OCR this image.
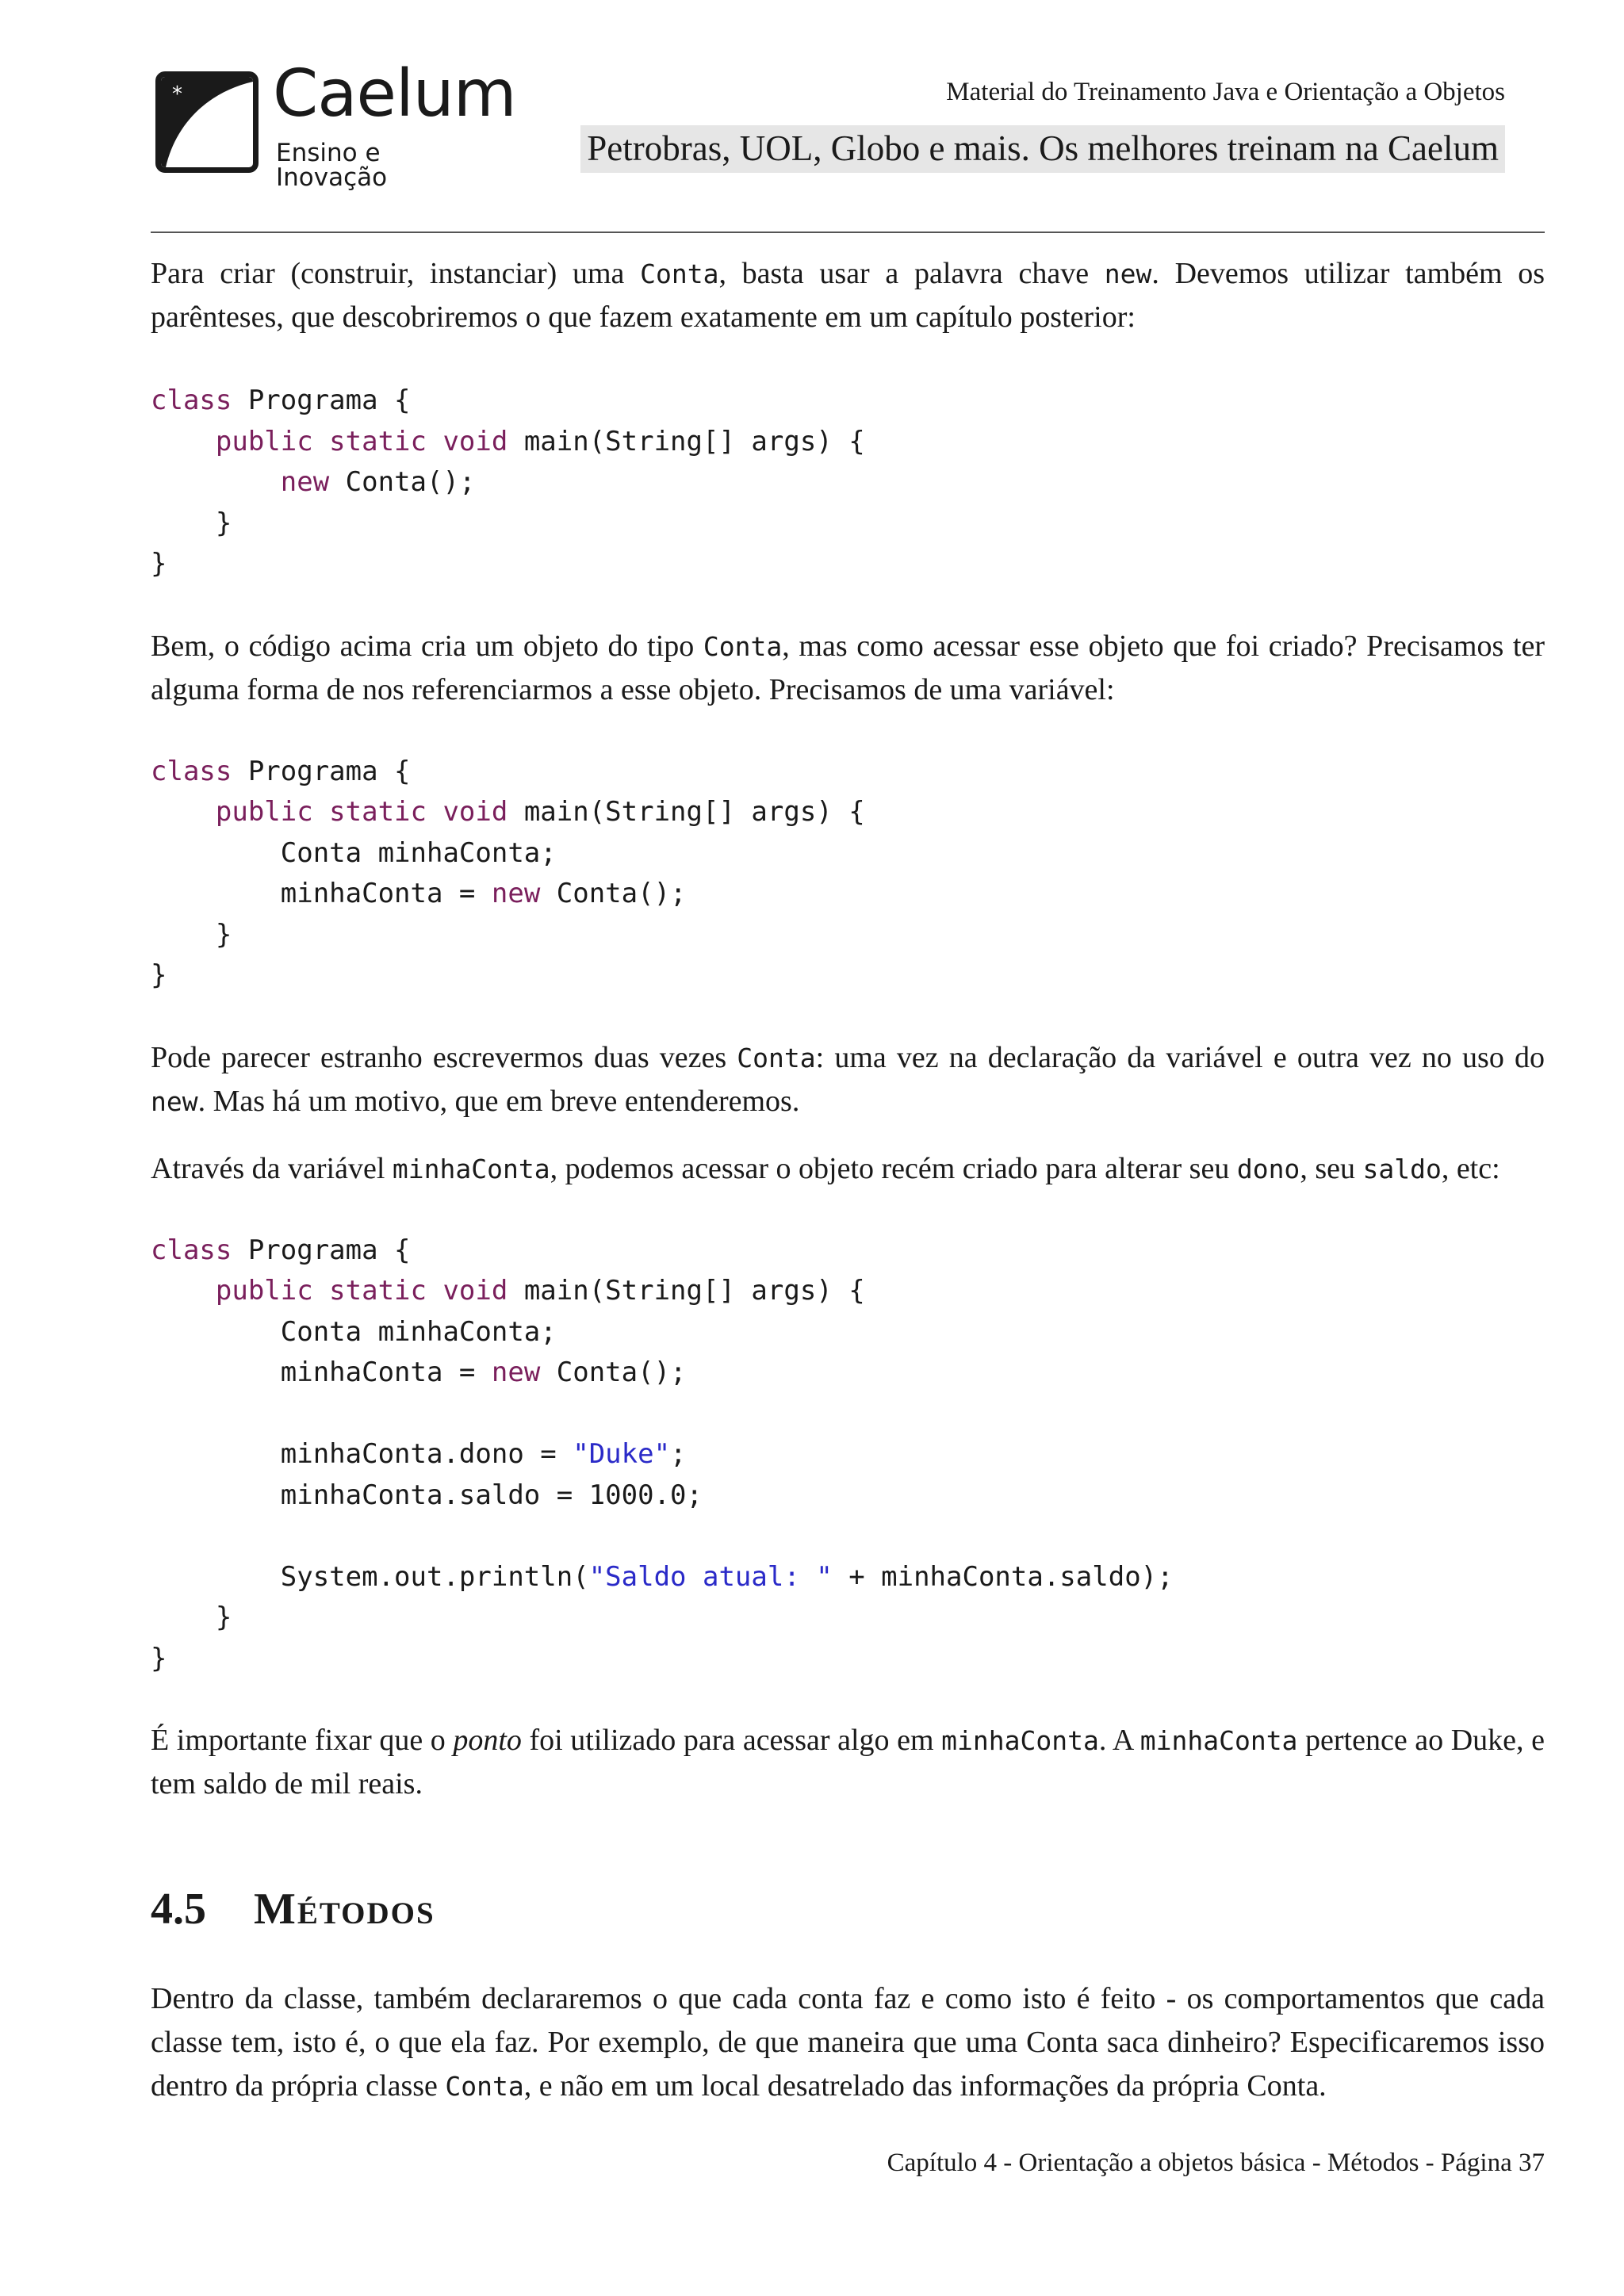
* Caelum
Ensino e Inovação
Material do Treinamento Java e Orientação a Objetos
Petrobras, UOL, Globo e mais. Os melhores treinam na Caelum

Para criar (construir, instanciar) uma Conta, basta usar a palavra chave new. Devemos utilizar também os parênteses, que descobriremos o que fazem exatamente em um capítulo posterior:

class Programa {
public static void main(String[] args) {
new Conta();
}
}

Bem, o código acima cria um objeto do tipo Conta, mas como acessar esse objeto que foi criado? Precisamos ter alguma forma de nos referenciarmos a esse objeto. Precisamos de uma variável:

class Programa {
public static void main(String[] args) {
Conta minhaConta;
minhaConta = new Conta();
}
}

Pode parecer estranho escrevermos duas vezes Conta: uma vez na declaração da variável e outra vez no uso do new. Mas há um motivo, que em breve entenderemos.

Através da variável minhaConta, podemos acessar o objeto recém criado para alterar seu dono, seu saldo, etc:

class Programa {
public static void main(String[] args) {
Conta minhaConta;
minhaConta = new Conta();

minhaConta.dono = "Duke";
minhaConta.saldo = 1000.0;

System.out.println("Saldo atual: " + minhaConta.saldo);
}
}

É importante fixar que o ponto foi utilizado para acessar algo em minhaConta. A minhaConta pertence ao Duke, e tem saldo de mil reais.

4.5 Métodos

Dentro da classe, também declararemos o que cada conta faz e como isto é feito - os comportamentos que cada classe tem, isto é, o que ela faz. Por exemplo, de que maneira que uma Conta saca dinheiro? Especificaremos isso dentro da própria classe Conta, e não em um local desatrelado das informações da própria Conta.

Capítulo 4 - Orientação a objetos básica - Métodos - Página 37
